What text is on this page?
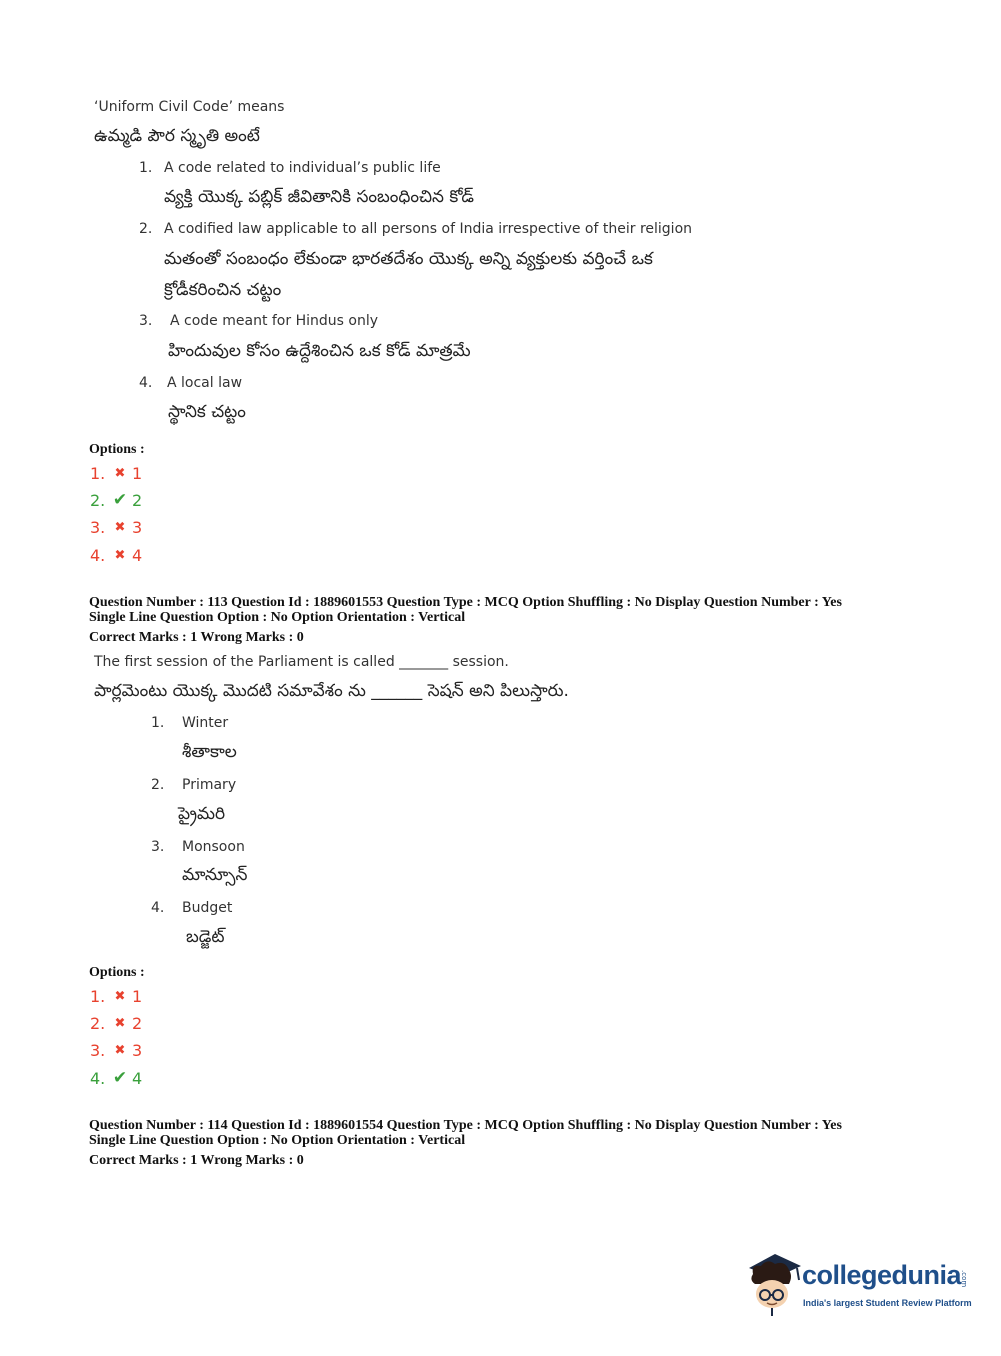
‘Uniform Civil Code’ means
ఉమ్మడి పౌర స్మృతి అంటే
1. A code related to individual’s public life
వ్యక్తి యొక్క పబ్లిక్ జీవితానికి సంబంధించిన కోడ్
2. A codified law applicable to all persons of India irrespective of their religion
మతంతో సంబంధం లేకుండా భారతదేశం యొక్క అన్ని వ్యక్తులకు వర్తించే ఒక
క్రోడీకరించిన చట్టం
3. A code meant for Hindus only
హిందువుల కోసం ఉద్దేశించిన ఒక కోడ్ మాత్రమే
4. A local law
స్థానిక చట్టం
Options :
1. ✖ 1
2. ✔ 2
3. ✖ 3
4. ✖ 4
Question Number : 113 Question Id : 1889601553 Question Type : MCQ Option Shuffling : No Display Question Number : Yes
Single Line Question Option : No Option Orientation : Vertical
Correct Marks : 1 Wrong Marks : 0
The first session of the Parliament is called _______ session.
పార్లమెంటు యొక్క మొదటి సమావేశం ను ______ సెషన్ అని పిలుస్తారు.
1. Winter
శీతాకాల
2. Primary
ప్రైమరి
3. Monsoon
మాన్సూన్
4. Budget
బడ్జెట్
Options :
1. ✖ 1
2. ✖ 2
3. ✖ 3
4. ✔ 4
Question Number : 114 Question Id : 1889601554 Question Type : MCQ Option Shuffling : No Display Question Number : Yes
Single Line Question Option : No Option Orientation : Vertical
Correct Marks : 1 Wrong Marks : 0
collegedunia
.com
India's largest Student Review Platform
